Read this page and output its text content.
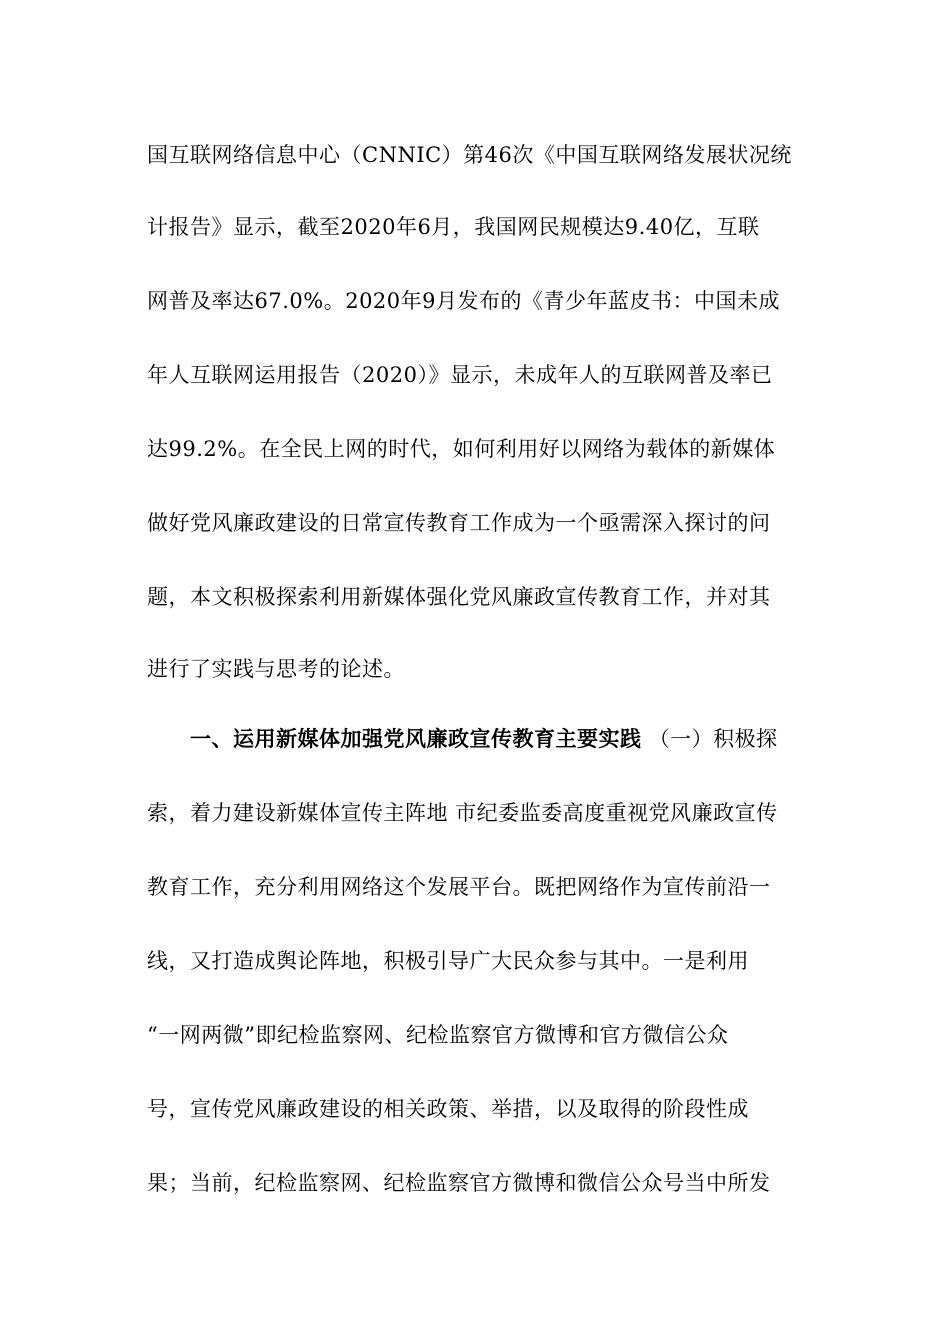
国互联网络信息中心（CNNIC）第46次《中国互联网络发展状况统
计报告》显示，截至2020年6月，我国网民规模达9.40亿，互联
网普及率达67.0%。2020年9月发布的《青少年蓝皮书：中国未成
年人互联网运用报告（2020）》显示，未成年人的互联网普及率已
达99.2%。在全民上网的时代，如何利用好以网络为载体的新媒体
做好党风廉政建设的日常宣传教育工作成为一个亟需深入探讨的问
题，本文积极探索利用新媒体强化党风廉政宣传教育工作，并对其
进行了实践与思考的论述。
一、运用新媒体加强党风廉政宣传教育主要实践 （一）积极探
索，着力建设新媒体宣传主阵地 市纪委监委高度重视党风廉政宣传
教育工作，充分利用网络这个发展平台。既把网络作为宣传前沿一
线，又打造成舆论阵地，积极引导广大民众参与其中。一是利用
“一网两微”即纪检监察网、纪检监察官方微博和官方微信公众
号，宣传党风廉政建设的相关政策、举措，以及取得的阶段性成
果；当前，纪检监察网、纪检监察官方微博和微信公众号当中所发
